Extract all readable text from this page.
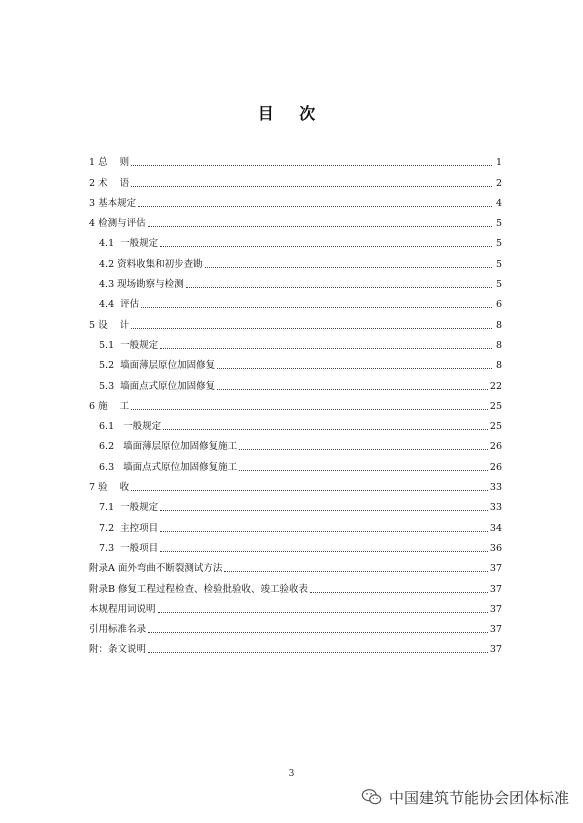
目 次
1 总    则	1
2 术    语	2
3 基本规定	4
4 检测与评估	5
4.1 一般规定	5
4.2 资料收集和初步查勘	5
4.3 现场勘察与检测	5
4.4 评估	6
5 设    计	8
5.1 一般规定	8
5.2 墙面薄层原位加固修复	8
5.3 墙面点式原位加固修复	22
6 施    工	25
6.1 一般规定	25
6.2 墙面薄层原位加固修复施工	26
6.3 墙面点式原位加固修复施工	26
7 验    收	33
7.1 一般规定	33
7.2 主控项目	34
7.3 一般项目	36
附录A 面外弯曲不断裂测试方法	37
附录B 修复工程过程检查、检验批验收、竣工验收表	37
本规程用词说明	37
引用标准名录	37
附：条文说明	37
3
中国建筑节能协会团体标准
